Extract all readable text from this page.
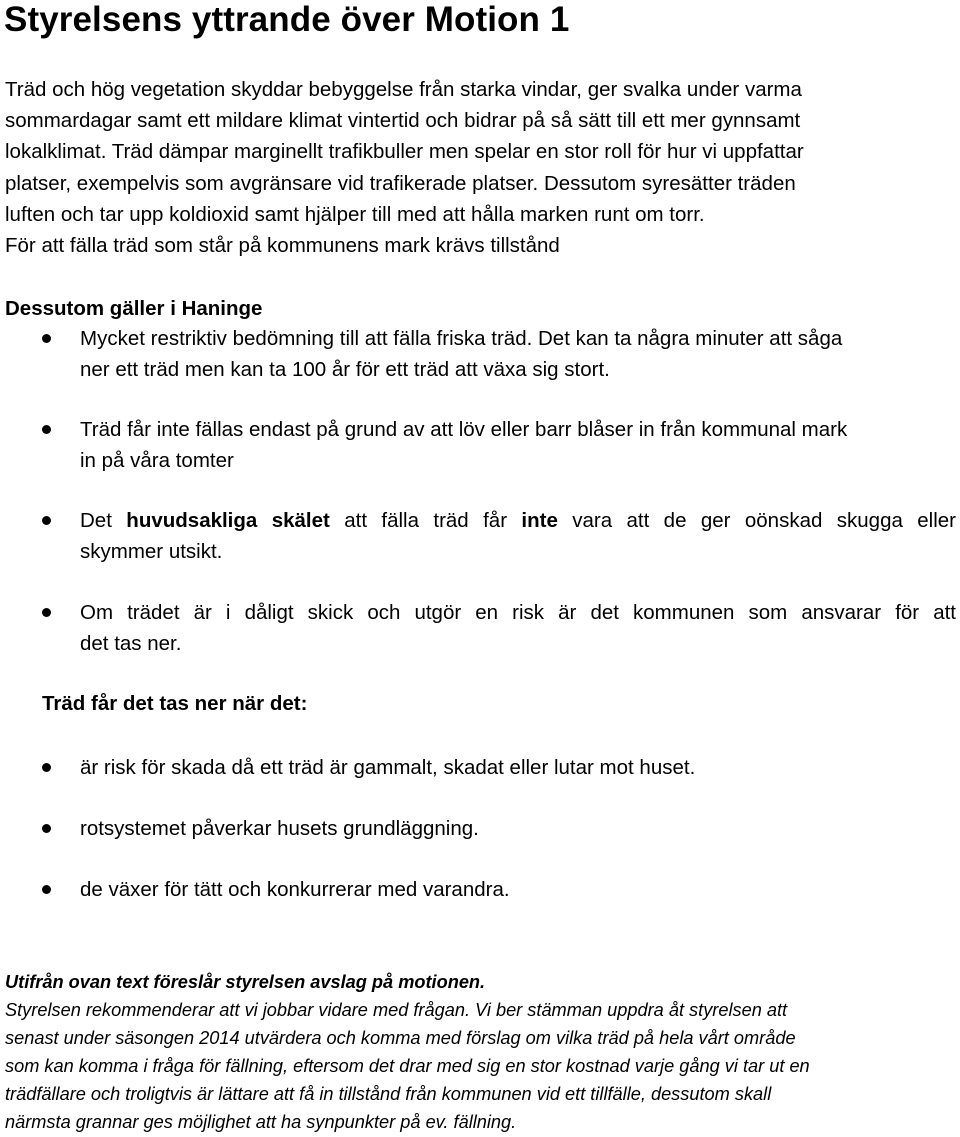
Styrelsens yttrande över Motion 1

Träd och hög vegetation skyddar bebyggelse från starka vindar, ger svalka under varma
sommardagar samt ett mildare klimat vintertid och bidrar på så sätt till ett mer gynnsamt
lokalklimat. Träd dämpar marginellt trafikbuller men spelar en stor roll för hur vi uppfattar
platser, exempelvis som avgränsare vid trafikerade platser. Dessutom syresätter träden
luften och tar upp koldioxid samt hjälper till med att hålla marken runt om torr.
För att fälla träd som står på kommunens mark krävs tillstånd

Dessutom gäller i Haninge
Mycket restriktiv bedömning till att fälla friska träd. Det kan ta några minuter att såga
ner ett träd men kan ta 100 år för ett träd att växa sig stort.
Träd får inte fällas endast på grund av att löv eller barr blåser in från kommunal mark
in på våra tomter
Det huvudsakliga skälet att fälla träd får inte vara att de ger oönskad skugga eller
skymmer utsikt.
Om trädet är i dåligt skick och utgör en risk är det kommunen som ansvarar för att
det tas ner.
Träd får det tas ner när det:
är risk för skada då ett träd är gammalt, skadat eller lutar mot huset.
rotsystemet påverkar husets grundläggning.
de växer för tätt och konkurrerar med varandra.

Utifrån ovan text föreslår styrelsen avslag på motionen.
Styrelsen rekommenderar att vi jobbar vidare med frågan. Vi ber stämman uppdra åt styrelsen att
senast under säsongen 2014 utvärdera och komma med förslag om vilka träd på hela vårt område
som kan komma i fråga för fällning, eftersom det drar med sig en stor kostnad varje gång vi tar ut en
trädfällare och troligtvis är lättare att få in tillstånd från kommunen vid ett tillfälle, dessutom skall
närmsta grannar ges möjlighet att ha synpunkter på ev. fällning.
